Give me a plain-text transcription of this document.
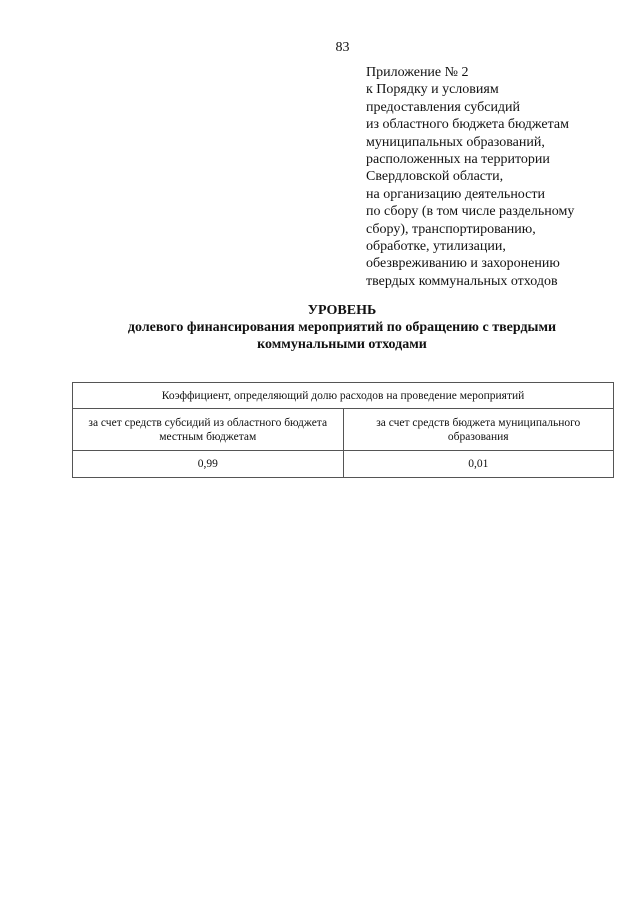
83
Приложение № 2
к Порядку и условиям
предоставления субсидий
из областного бюджета бюджетам
муниципальных образований,
расположенных на территории
Свердловской области,
на организацию деятельности
по сбору (в том числе раздельному
сбору), транспортированию,
обработке, утилизации,
обезвреживанию и захоронению
твердых коммунальных отходов
УРОВЕНЬ
долевого финансирования мероприятий по обращению с твердыми коммунальными отходами
Коэффициент, определяющий долю расходов на проведение мероприятий	
за счет средств субсидий из областного бюджета местным бюджетам	за счет средств бюджета муниципального образования
0,99	0,01
